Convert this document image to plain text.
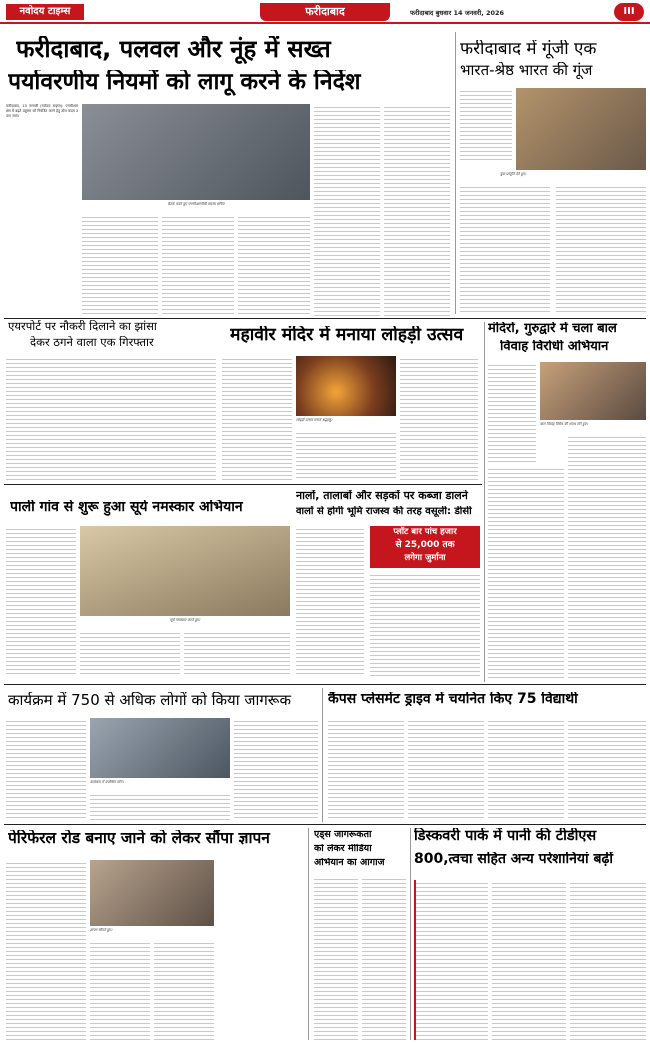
नवोदय टाइम्स	फरीदाबाद	फरीदाबाद बुधवार 14 जनवरी, 2026	III
फरीदाबाद, पलवल और नूंह में सख्त
पर्यावरणीय नियमों को लागू करने के निर्देश
फरीदाबाद, 13 जनवरी (नवोदय टाइम्स): एनसीआर क्षेत्र में बढ़ते प्रदूषण को नियंत्रित करने हेतु ठोस कदम उठाए जाएं।
बैठक करते हुए एनसीआरपीबी सदस्य सचिव
फरीदाबाद में गूंजी एक
भारत-श्रेष्ठ भारत की गूंज
युवा प्रस्तुति देते हुए।
एयरपोर्ट पर नौकरी दिलाने का झांसा
देकर ठगने वाला एक गिरफ्तार	महावीर मंदिर में मनाया लोहड़ी उत्सव
लोहड़ी उत्सव मनाते श्रद्धालु।
मंदिरों, गुरुद्वारे में चला बाल
विवाह विरोधी अभियान
बाल विवाह विरोध की शपथ लेते हुए।
पाली गांव से शुरू हुआ सूर्य नमस्कार अभियान
सूर्य नमस्कार करते हुए।
नालों, तालाबों और सड़कों पर कब्जा डालने
वालों से होगी भूमि राजस्व की तरह वसूली: डीसी
प्लॉट बार पांच हजार
से 25,000 तक
लगेगा जुर्माना
कार्यक्रम में 750 से अधिक लोगों को किया जागरूक
कार्यक्रम में उपस्थित लोग।
कैंपस प्लेसमेंट ड्राइव में चयनित किए 75 विद्यार्थी
पेरिफेरल रोड बनाए जाने को लेकर सौंपा ज्ञापन
ज्ञापन सौंपते हुए।
एड्स जागरूकता
को लेकर मीडिया
अभियान का आगाज
डिस्कवरी पार्क में पानी की टीडीएस
800,त्वचा सहित अन्य परेशानियां बढ़ीं
